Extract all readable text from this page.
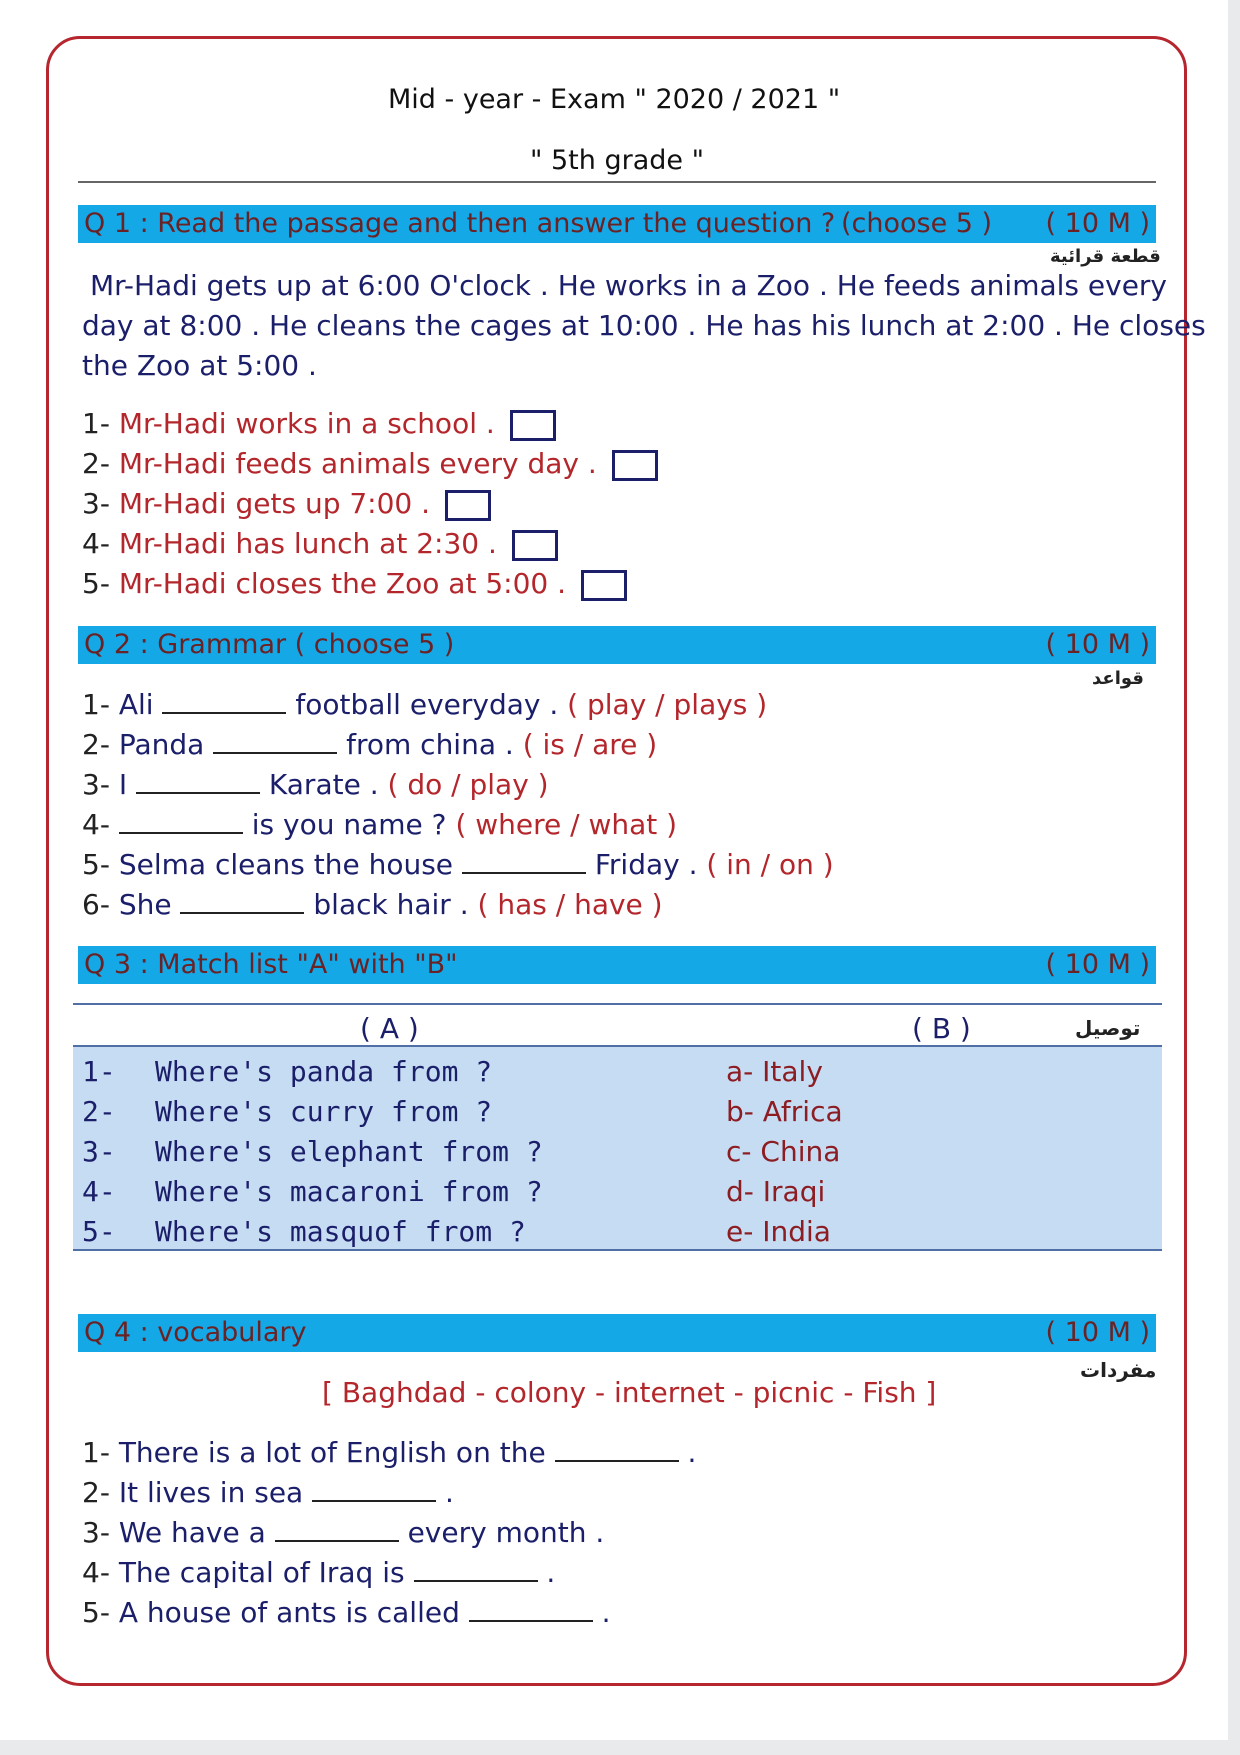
Mid - year - Exam " 2020 / 2021 "
" 5th grade "
Q 1 : Read the passage and then answer the question ? (choose 5 ) ( 10 M )
قطعة قرائية
Mr-Hadi gets up at 6:00 O'clock . He works in a Zoo . He feeds animals every
day at 8:00 . He cleans the cages at 10:00 . He has his lunch at 2:00 . He closes
the Zoo at 5:00 .
1- Mr-Hadi works in a school .
2- Mr-Hadi feeds animals every day .
3- Mr-Hadi gets up 7:00 .
4- Mr-Hadi has lunch at 2:30 .
5- Mr-Hadi closes the Zoo at 5:00 .
Q 2 : Grammar ( choose 5 )	( 10 M )
قواعد
1- Ali	football everyday . ( play / plays )
2- Panda	from china . ( is / are )
3- I	Karate . ( do / play )
4-	is you name ? ( where / what )
5- Selma cleans the house	Friday . ( in / on )
6- She	black hair . ( has / have )
Q 3 : Match list "A" with "B"	( 10 M )
( A )	( B )	توصيل
1- Where's panda from ?	a- Italy
2- Where's curry from ?	b- Africa
3- Where's elephant from ?	c- China
4- Where's macaroni from ?	d- Iraqi
5- Where's masquof from ?	e- India
Q 4 : vocabulary	( 10 M )
مفردات
[ Baghdad - colony - internet - picnic - Fish ]
1- There is a lot of English on the	.
2- It lives in sea	.
3- We have a	every month .
4- The capital of Iraq is	.
5- A house of ants is called	.
